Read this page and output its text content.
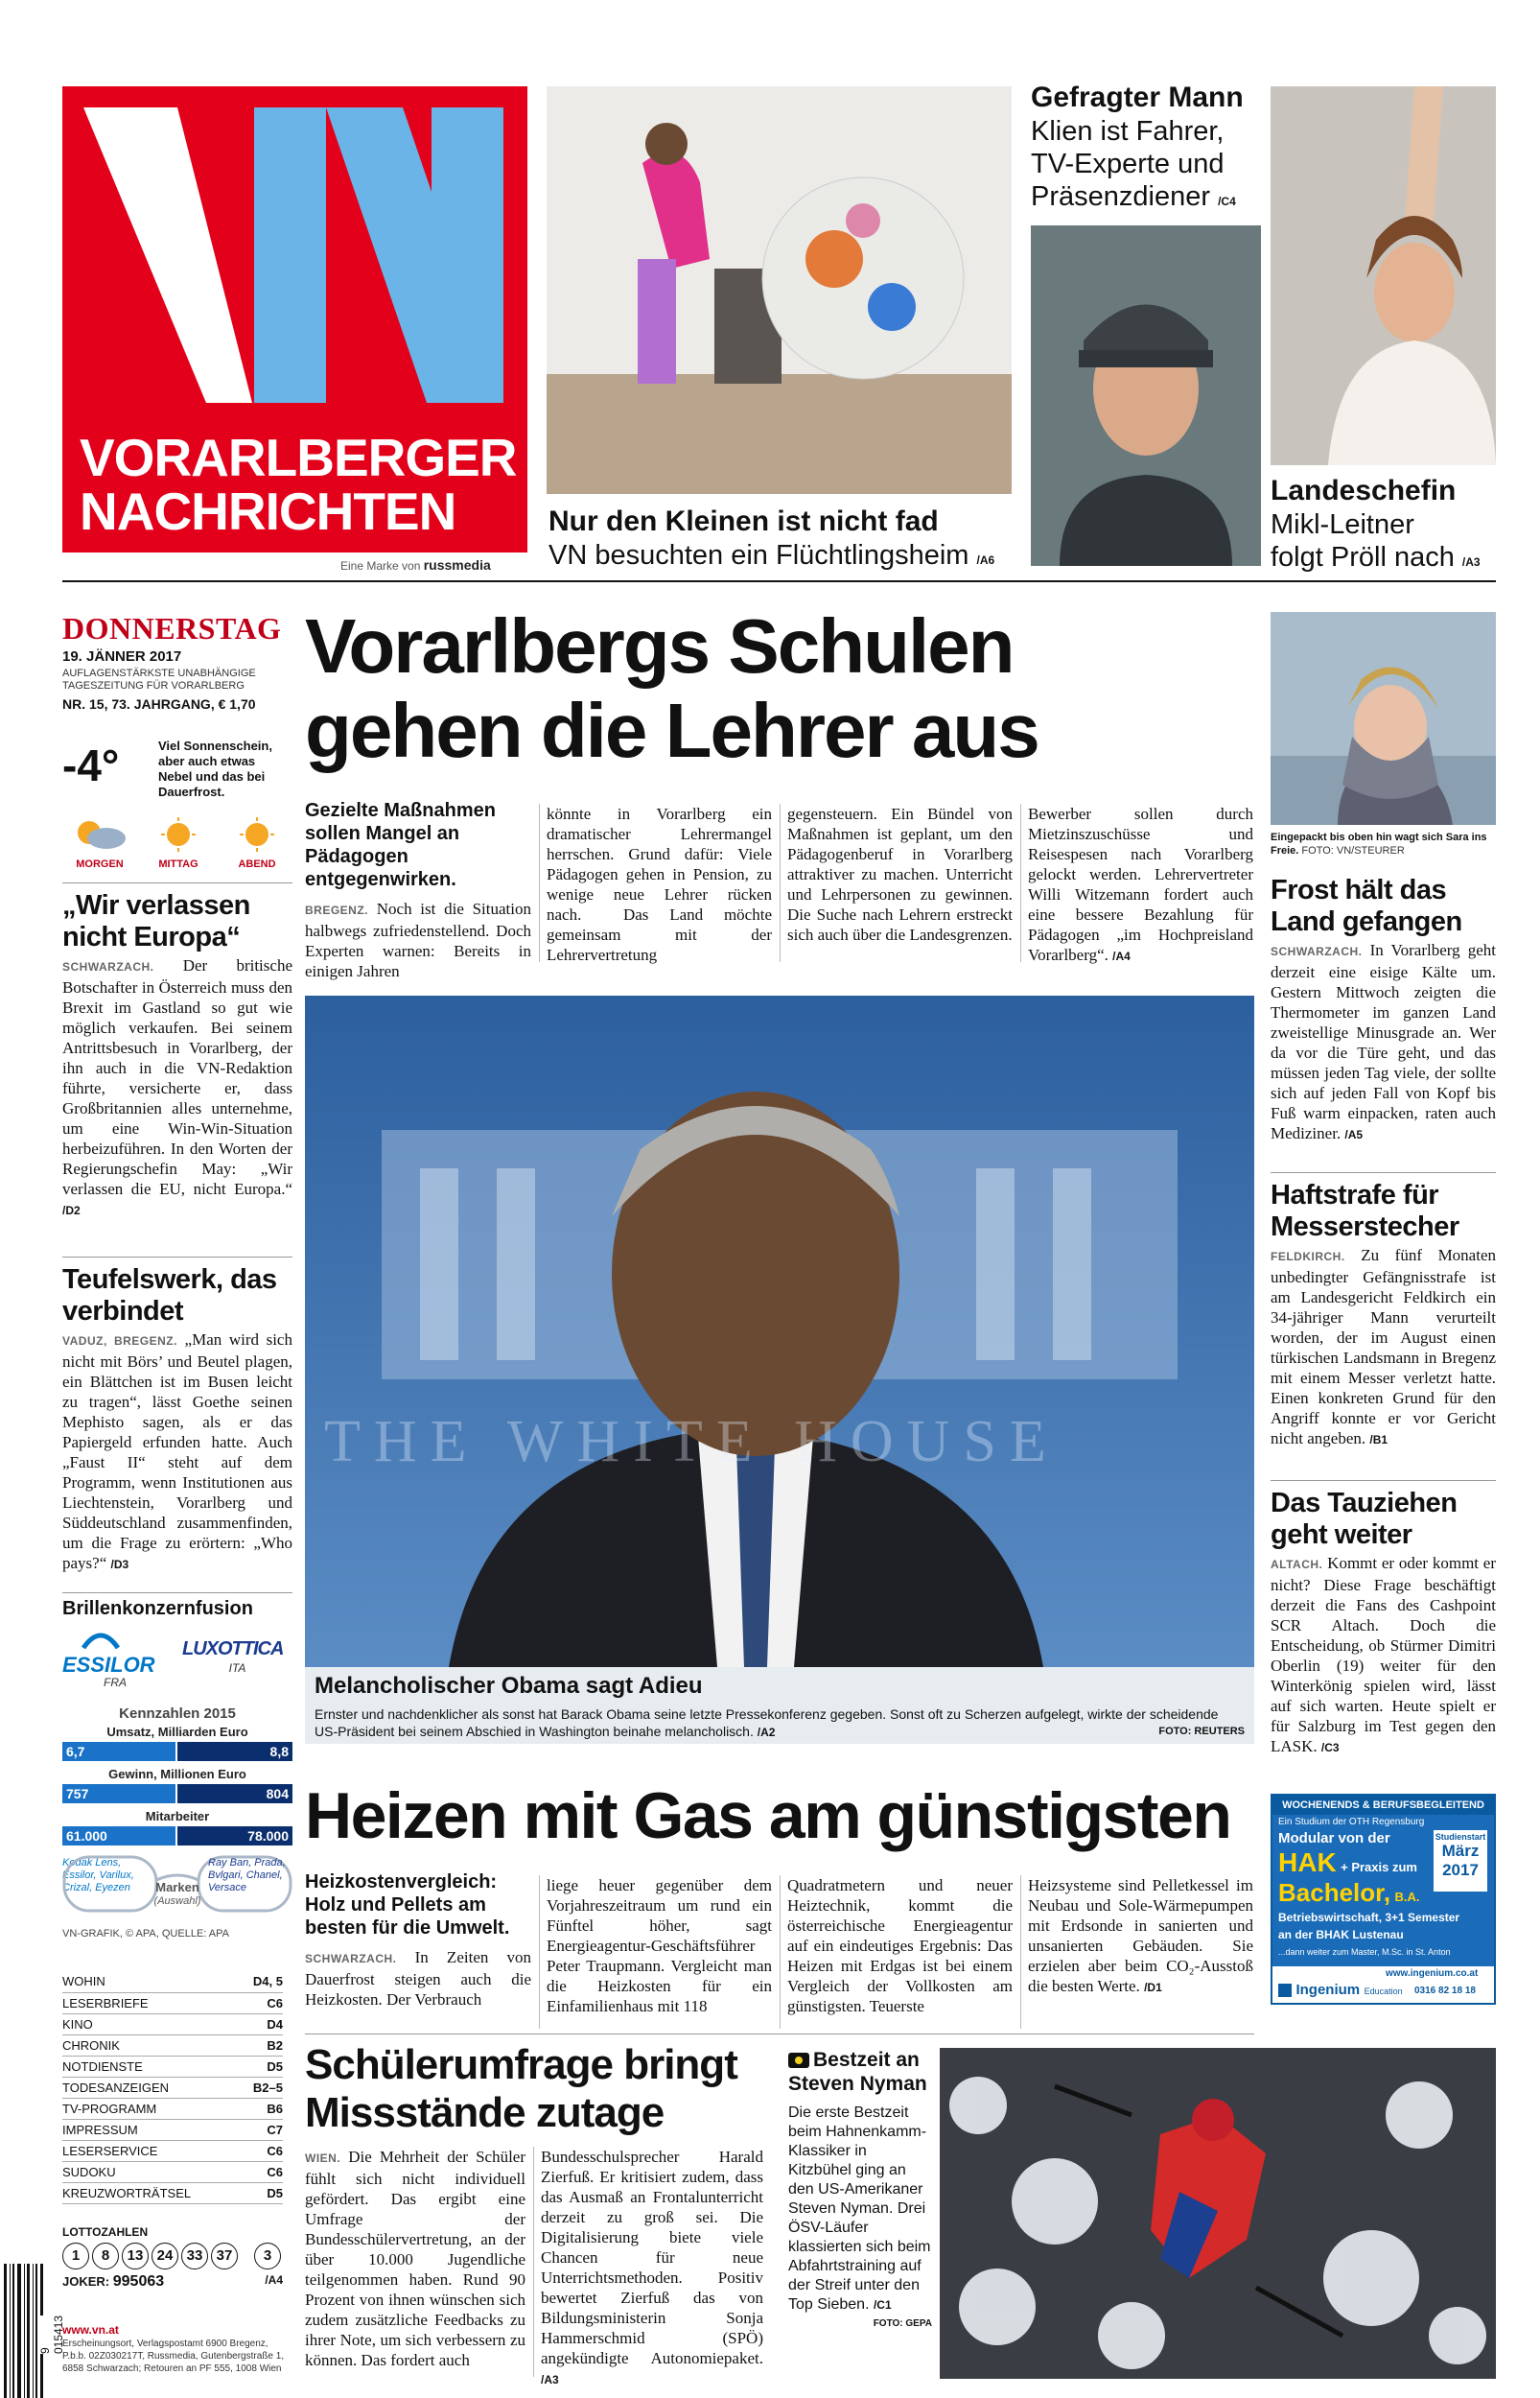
VORARLBERGER
NACHRICHTEN
Eine Marke von russmedia
Nur den Kleinen ist nicht fad
VN besuchten ein Flüchtlingsheim /A6
Gefragter Mann
Klien ist Fahrer, TV-Experte und Präsenzdiener /C4
Landeschefin
Mikl-Leitner
folgt Pröll nach /A3
DONNERSTAG
19. JÄNNER 2017
AUFLAGENSTÄRKSTE UNABHÄNGIGE TAGESZEITUNG FÜR VORARLBERG
NR. 15, 73. JAHRGANG, € 1,70
-4°	Viel Sonnenschein, aber auch etwas Nebel und das bei Dauerfrost.
MORGEN	MITTAG	ABEND
„Wir verlassen nicht Europa“
SCHWARZACH. Der britische Botschafter in Österreich muss den Brexit im Gastland so gut wie möglich verkaufen. Bei seinem Antrittsbesuch in Vorarlberg, der ihn auch in die VN-Redaktion führte, versicherte er, dass Großbritannien alles unternehme, um eine Win-Win-Situation herbeizuführen. In den Worten der Regierungschefin May: „Wir verlassen die EU, nicht Europa.“ /D2
Teufelswerk, das verbindet
VADUZ, BREGENZ. „Man wird sich nicht mit Börs’ und Beutel plagen, ein Blättchen ist im Busen leicht zu tragen“, lässt Goethe seinen Mephisto sagen, als er das Papiergeld erfunden hatte. Auch „Faust II“ steht auf dem Programm, wenn Institutionen aus Liechtenstein, Vorarlberg und Süddeutschland zusammenfinden, um die Frage zu erörtern: „Who pays?“ /D3
Brillenkonzernfusion
ESSILOR
FRA
LUXOTTICA
ITA
Kennzahlen 2015
Umsatz, Milliarden Euro
6,7	8,8
Gewinn, Millionen Euro
757	804
Mitarbeiter
61.000	78.000
Kodak Lens, Essilor, Varilux, Crizal, Eyezen	Marken
(Auswahl)
Ray Ban, Prada, Bvlgari, Chanel, Versace
VN-GRAFIK, © APA, QUELLE: APA
WOHIN	D4, 5
LESERBRIEFE	C6
KINO	D4
CHRONIK	B2
NOTDIENSTE	D5
TODESANZEIGEN	B2–5
TV-PROGRAMM	B6
IMPRESSUM	C7
LESERSERVICE	C6
SUDOKU	C6
KREUZWORTRÄTSEL	D5
LOTTOZAHLEN
1 8 13 24 33 37 3
JOKER: 995063	/A4
9 015413
www.vn.at
Erscheinungsort, Verlagspostamt 6900 Bregenz, P.b.b. 02Z030217T, Russmedia, Gutenbergstraße 1, 6858 Schwarzach; Retouren an PF 555, 1008 Wien
Vorarlbergs Schulen
gehen die Lehrer aus
Gezielte Maßnahmen sollen Mangel an Pädagogen entgegenwirken.
BREGENZ. Noch ist die Situation halbwegs zufriedenstellend. Doch Experten warnen: Bereits in einigen Jahren
könnte in Vorarlberg ein dramatischer Lehrermangel herrschen. Grund dafür: Viele Pädagogen gehen in Pension, zu wenige neue Lehrer rücken nach.  Das Land möchte gemeinsam mit der Lehrervertretung
gegensteuern. Ein Bündel von Maßnahmen ist geplant, um den Pädagogenberuf in Vorarlberg attraktiver zu machen. Unterricht und Lehrpersonen zu gewinnen. Die Suche nach Lehrern erstreckt sich auch über die Landesgrenzen.
Bewerber sollen durch Mietzinszuschüsse und Reisespesen nach Vorarlberg gelockt werden. Lehrervertreter Willi Witzemann fordert auch eine bessere Bezahlung für Pädagogen „im Hochpreisland Vorarlberg“. /A4
THE WHITE HOUSE
Melancholischer Obama sagt Adieu
Ernster und nachdenklicher als sonst hat Barack Obama seine letzte Pressekonferenz gegeben. Sonst oft zu Scherzen aufgelegt, wirkte der scheidende US-Präsident bei seinem Abschied in Washington beinahe melancholisch. /A2	FOTO: REUTERS
Heizen mit Gas am günstigsten
Heizkostenvergleich: Holz und Pellets am besten für die Umwelt.
SCHWARZACH. In Zeiten von Dauerfrost steigen auch die Heizkosten. Der Verbrauch
liege heuer gegenüber dem Vorjahreszeitraum um rund ein Fünftel höher, sagt Energieagentur-Geschäftsführer Peter Traupmann. Vergleicht man die Heizkosten für ein Einfamilienhaus mit 118
Quadratmetern und neuer Heiztechnik, kommt die österreichische Energieagentur auf ein eindeutiges Ergebnis: Das Heizen mit Erdgas ist bei einem Vergleich der Vollkosten am günstigsten. Teuerste
Heizsysteme sind Pelletkessel im Neubau und Sole-Wärmepumpen mit Erdsonde in sanierten und unsanierten Gebäuden. Sie erzielen aber beim CO₂-Ausstoß die besten Werte. /D1
Schülerumfrage bringt
Missstände zutage
WIEN. Die Mehrheit der Schüler fühlt sich nicht individuell gefördert. Das ergibt eine Umfrage der Bundesschülervertretung, an der über 10.000 Jugendliche teilgenommen haben. Rund 90 Prozent von ihnen wünschen sich zudem zusätzliche Feedbacks zu ihrer Note, um sich verbessern zu können. Das fordert auch
Bundesschulsprecher Harald Zierfuß. Er kritisiert zudem, dass das Ausmaß an Frontalunterricht derzeit zu groß sei. Die Digitalisierung biete viele Chancen für neue Unterrichtsmethoden. Positiv bewertet Zierfuß das von Bildungsministerin Sonja Hammerschmid (SPÖ) angekündigte Autonomiepaket. /A3
Bestzeit an
Steven Nyman
Die erste Bestzeit beim Hahnenkamm-Klassiker in Kitzbühel ging an den US-Amerikaner Steven Nyman. Drei ÖSV-Läufer klassierten sich beim Abfahrtstraining auf der Streif unter den Top Sieben. /C1
FOTO: GEPA
Eingepackt bis oben hin wagt sich Sara ins Freie. FOTO: VN/STEURER
Frost hält das Land gefangen
SCHWARZACH. In Vorarlberg geht derzeit eine eisige Kälte um. Gestern Mittwoch zeigten die Thermometer im ganzen Land zweistellige Minusgrade an. Wer da vor die Türe geht, und das müssen jeden Tag viele, der sollte sich auf jeden Fall von Kopf bis Fuß warm einpacken, raten auch Mediziner. /A5
Haftstrafe für Messerstecher
FELDKIRCH. Zu fünf Monaten unbedingter Gefängnisstrafe ist am Landesgericht Feldkirch ein 34-jähriger Mann verurteilt worden, der im August einen türkischen Landsmann in Bregenz mit einem Messer verletzt hatte. Einen konkreten Grund für den Angriff konnte er vor Gericht nicht angeben. /B1
Das Tauziehen geht weiter
ALTACH. Kommt er oder kommt er nicht? Diese Frage beschäftigt derzeit die Fans des Cashpoint SCR Altach. Doch die Entscheidung, ob Stürmer Dimitri Oberlin (19) weiter für den Winterkönig spielen wird, lässt auf sich warten. Heute spielt er für Salzburg im Test gegen den LASK. /C3
WOCHENENDS & BERUFSBEGLEITEND
Ein Studium der OTH Regensburg
Modular von der
HAK + Praxis zum
Bachelor, B.A.
Betriebswirtschaft, 3+1 Semester
an der BHAK Lustenau
...dann weiter zum Master, M.Sc. in St. Anton
Studienstart
März
2017
www.ingenium.co.at
Ingenium Education 0316 82 18 18
